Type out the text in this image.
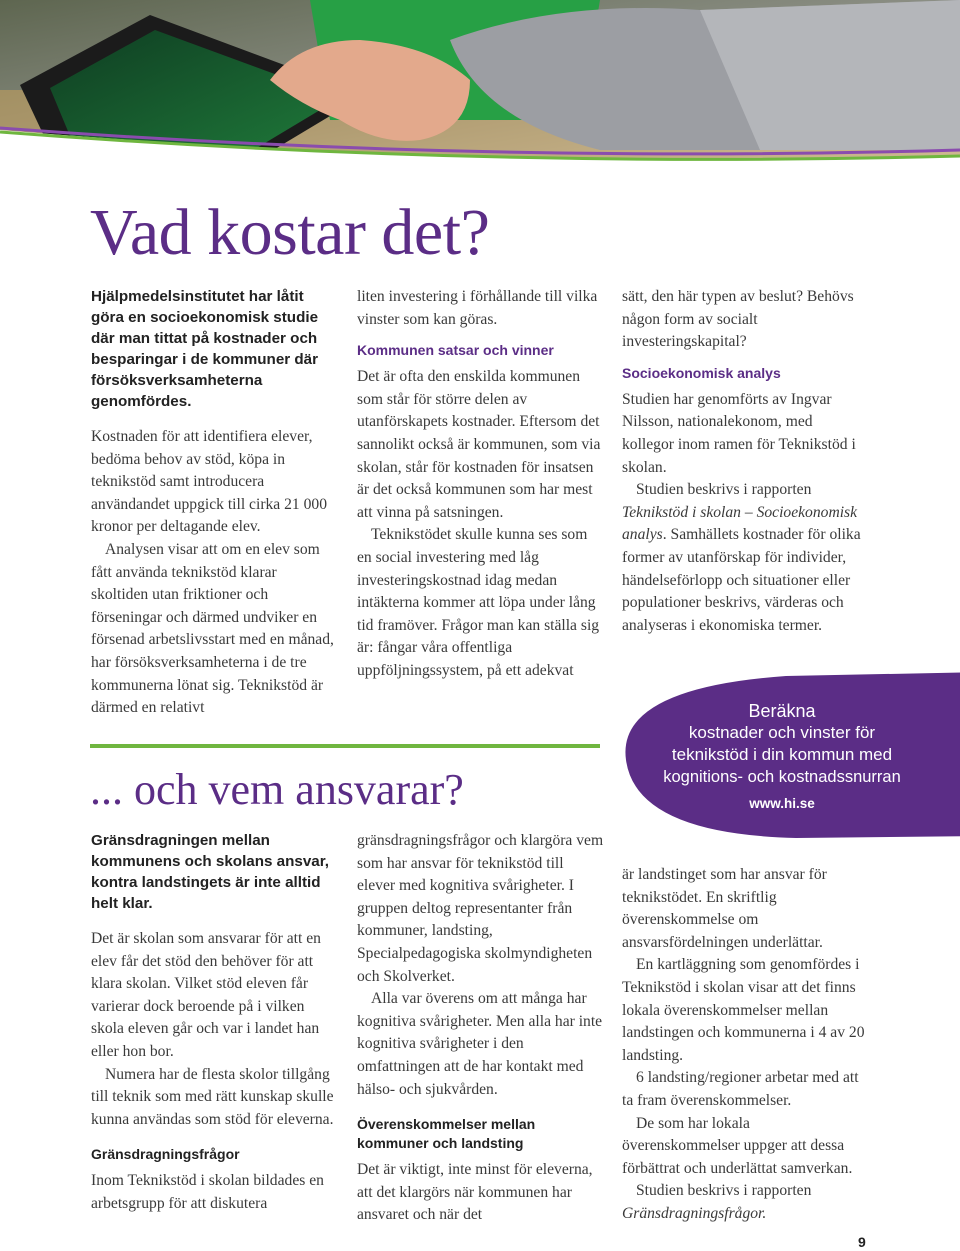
Vad kostar det?

Hjälpmedelsinstitutet har låtit göra en socioekonomisk studie där man tittat på kostnader och besparingar i de kommuner där försöksverksamheterna genomfördes.

Kostnaden för att identifiera elever, bedöma behov av stöd, köpa in teknikstöd samt introducera användandet uppgick till cirka 21 000 kronor per deltagande elev.

Analysen visar att om en elev som fått använda teknikstöd klarar skoltiden utan friktioner och förseningar och därmed undviker en försenad arbetslivsstart med en månad, har försöksverksamheterna i de tre kommunerna lönat sig. Teknikstöd är därmed en relativt

liten investering i förhållande till vilka vinster som kan göras.

Kommunen satsar och vinner

Det är ofta den enskilda kommunen som står för större delen av utanförskapets kostnader. Eftersom det sannolikt också är kommunen, som via skolan, står för kostnaden för insatsen är det också kommunen som har mest att vinna på satsningen.

Teknikstödet skulle kunna ses som en social investering med låg investeringskostnad idag medan intäkterna kommer att löpa under lång tid framöver. Frågor man kan ställa sig är: fångar våra offentliga uppföljningssystem, på ett adekvat

sätt, den här typen av beslut? Behövs någon form av socialt investeringskapital?

Socioekonomisk analys

Studien har genomförts av Ingvar Nilsson, nationalekonom, med kollegor inom ramen för Teknikstöd i skolan.

Studien beskrivs i rapporten Teknikstöd i skolan – Socioekonomisk analys. Samhällets kostnader för olika former av utanförskap för individer, händelseförlopp och situationer eller populationer beskrivs, värderas och analyseras i ekonomiska termer.

Beräkna
kostnader och vinster för
teknikstöd i din kommun med
kognitions- och kostnadssnurran
www.hi.se
... och vem ansvarar?

Gränsdragningen mellan kommunens och skolans ansvar, kontra landstingets är inte alltid helt klar.

Det är skolan som ansvarar för att en elev får det stöd den behöver för att klara skolan. Vilket stöd eleven får varierar dock beroende på i vilken skola eleven går och var i landet han eller hon bor.

Numera har de flesta skolor tillgång till teknik som med rätt kunskap skulle kunna användas som stöd för eleverna.

Gränsdragningsfrågor

Inom Teknikstöd i skolan bildades en arbetsgrupp för att diskutera

gränsdragningsfrågor och klargöra vem som har ansvar för teknikstöd till elever med kognitiva svårigheter. I gruppen deltog representanter från kommuner, landsting, Specialpedagogiska skolmyndigheten och Skolverket.

Alla var överens om att många har kognitiva svårigheter. Men alla har inte kognitiva svårigheter i den omfattningen att de har kontakt med hälso- och sjukvården.

Överenskommelser mellan kommuner och landsting

Det är viktigt, inte minst för eleverna, att det klargörs när kommunen har ansvaret och när det

är landstinget som har ansvar för teknikstödet. En skriftlig överenskommelse om ansvarsfördelningen underlättar.

En kartläggning som genomfördes i Teknikstöd i skolan visar att det finns lokala överenskommelser mellan landstingen och kommunerna i 4 av 20 landsting.

6 landsting/regioner arbetar med att ta fram överenskommelser.

De som har lokala överenskommelser uppger att dessa förbättrat och underlättat samverkan.

Studien beskrivs i rapporten Gränsdragningsfrågor.

9
